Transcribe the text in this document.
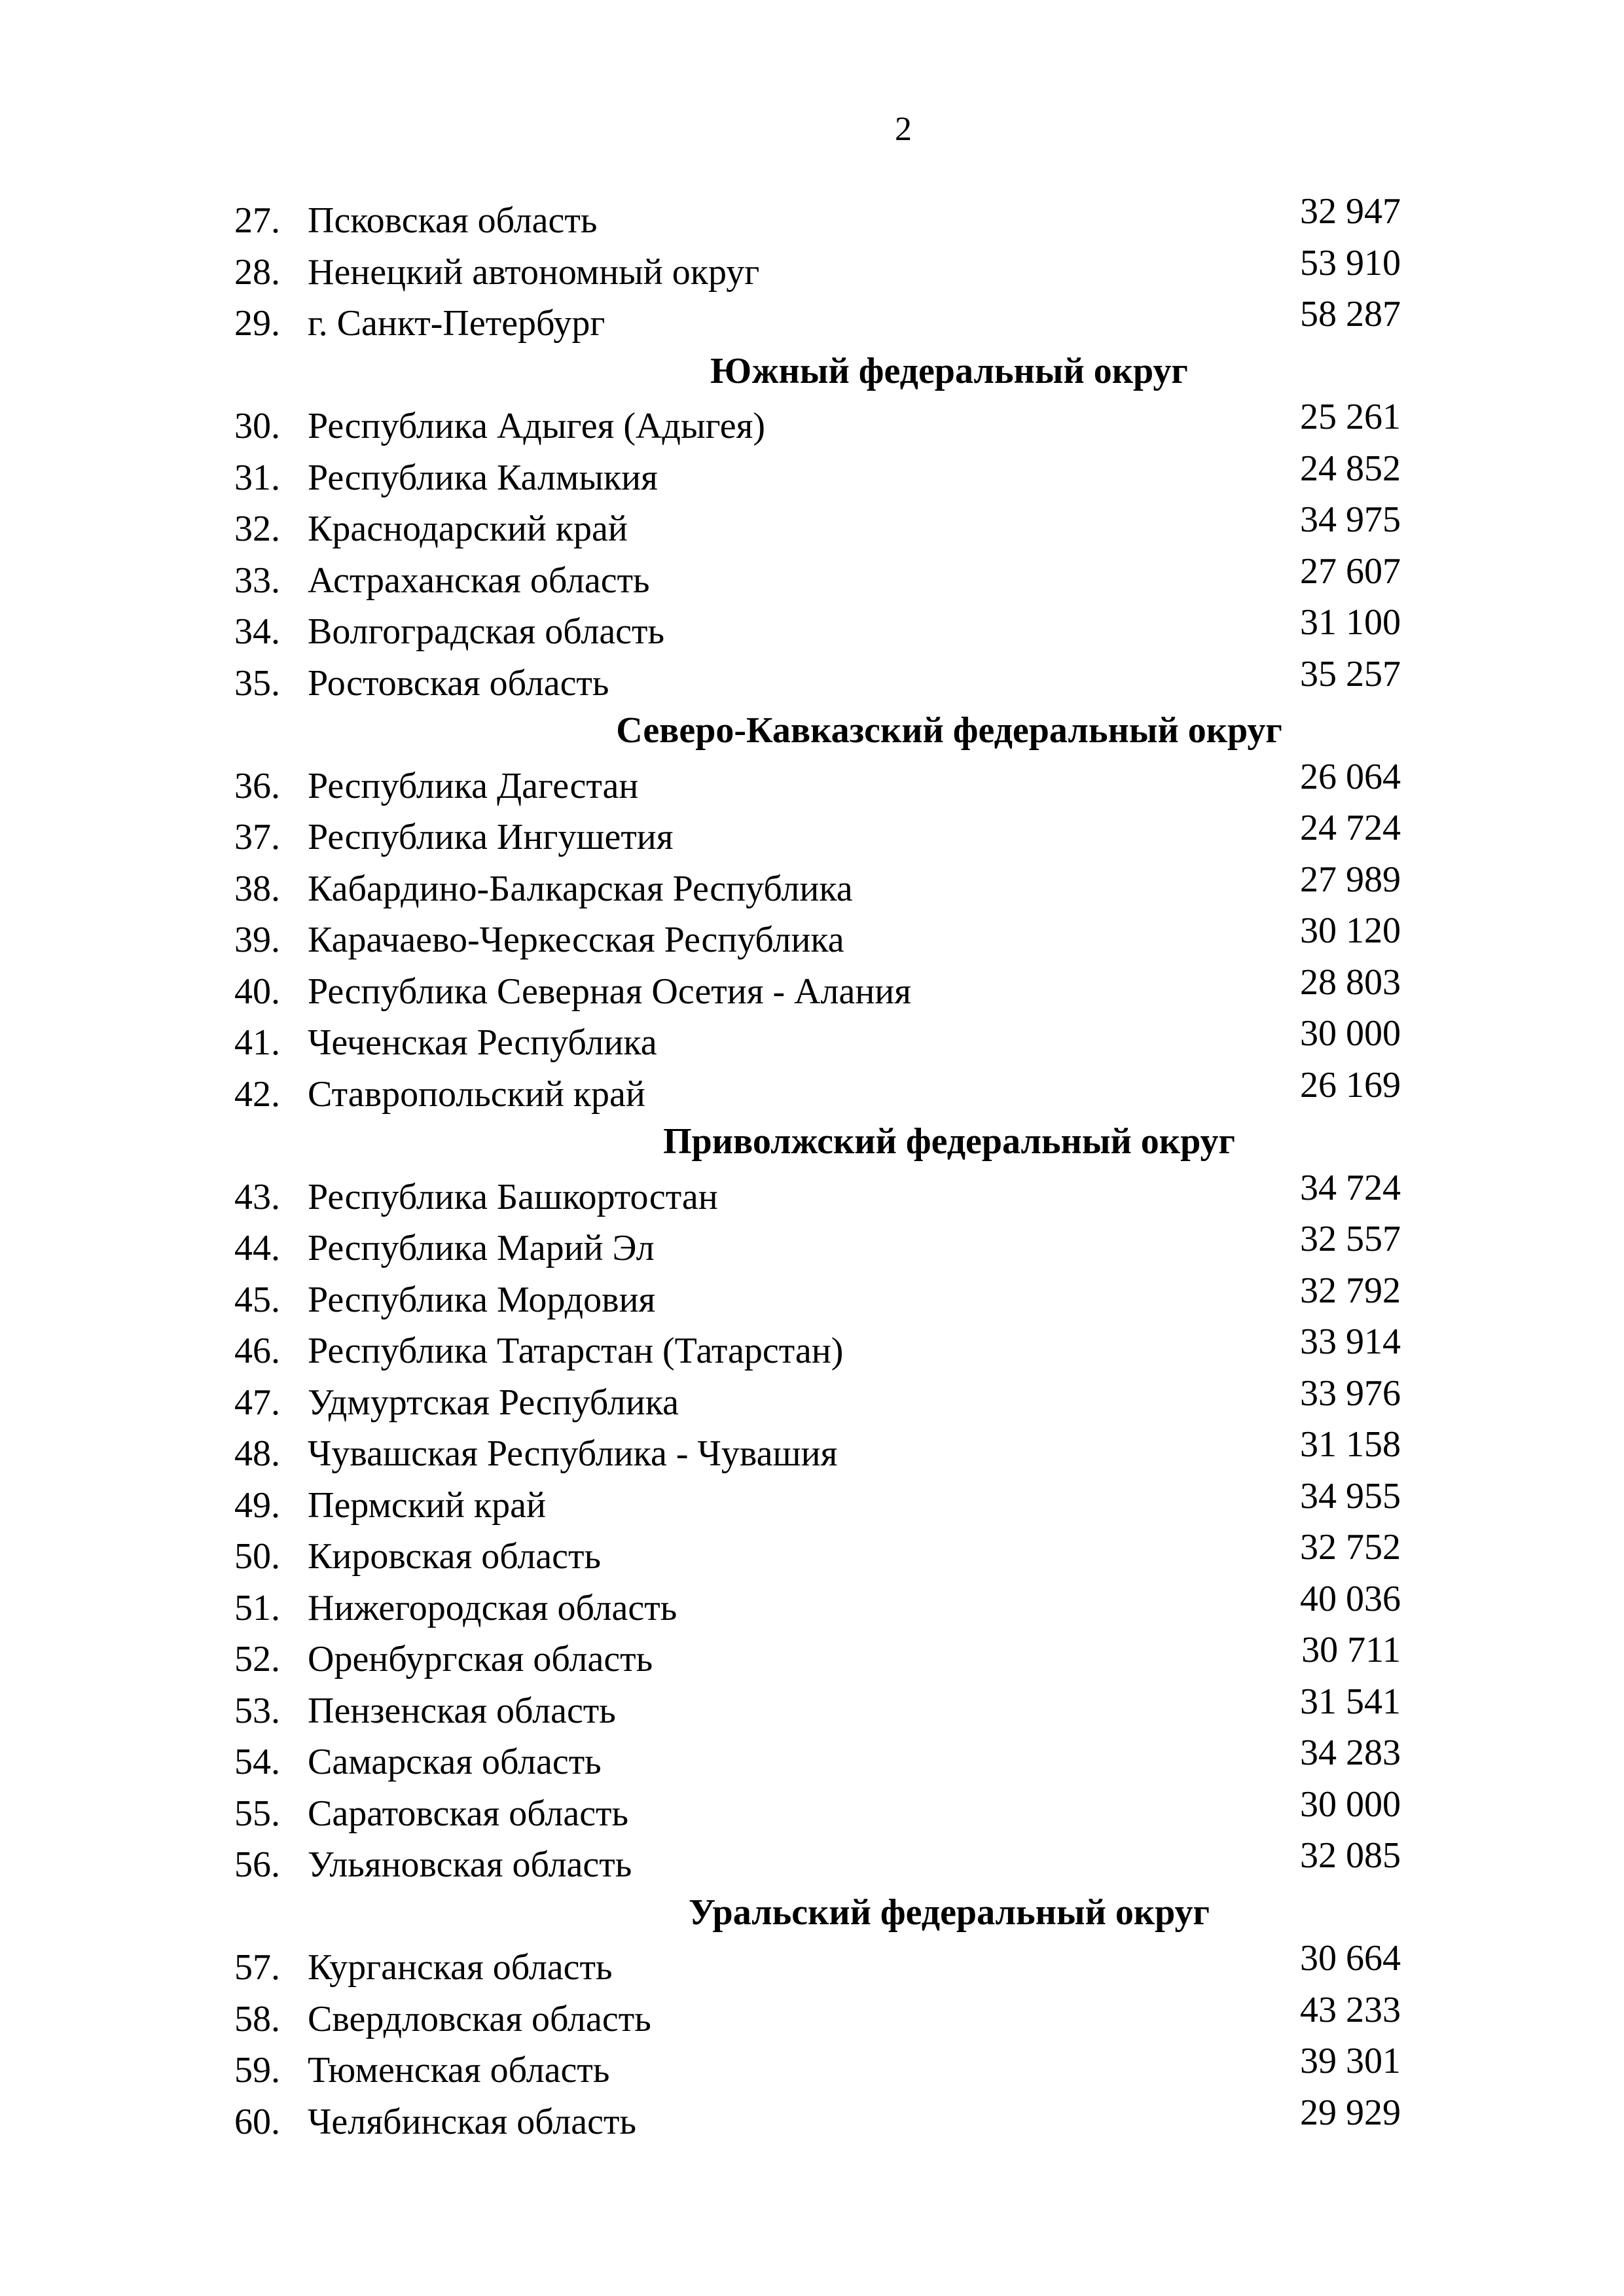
2
27. Псковская область	32 947
28. Ненецкий автономный округ	53 910
29. г. Санкт-Петербург	58 287
Южный федеральный округ
30. Республика Адыгея (Адыгея)	25 261
31. Республика Калмыкия	24 852
32. Краснодарский край	34 975
33. Астраханская область	27 607
34. Волгоградская область	31 100
35. Ростовская область	35 257
Северо-Кавказский федеральный округ
36. Республика Дагестан	26 064
37. Республика Ингушетия	24 724
38. Кабардино-Балкарская Республика	27 989
39. Карачаево-Черкесская Республика	30 120
40. Республика Северная Осетия - Алания	28 803
41. Чеченская Республика	30 000
42. Ставропольский край	26 169
Приволжский федеральный округ
43. Республика Башкортостан	34 724
44. Республика Марий Эл	32 557
45. Республика Мордовия	32 792
46. Республика Татарстан (Татарстан)	33 914
47. Удмуртская Республика	33 976
48. Чувашская Республика - Чувашия	31 158
49. Пермский край	34 955
50. Кировская область	32 752
51. Нижегородская область	40 036
52. Оренбургская область	30 711
53. Пензенская область	31 541
54. Самарская область	34 283
55. Саратовская область	30 000
56. Ульяновская область	32 085
Уральский федеральный округ
57. Курганская область	30 664
58. Свердловская область	43 233
59. Тюменская область	39 301
60. Челябинская область	29 929
